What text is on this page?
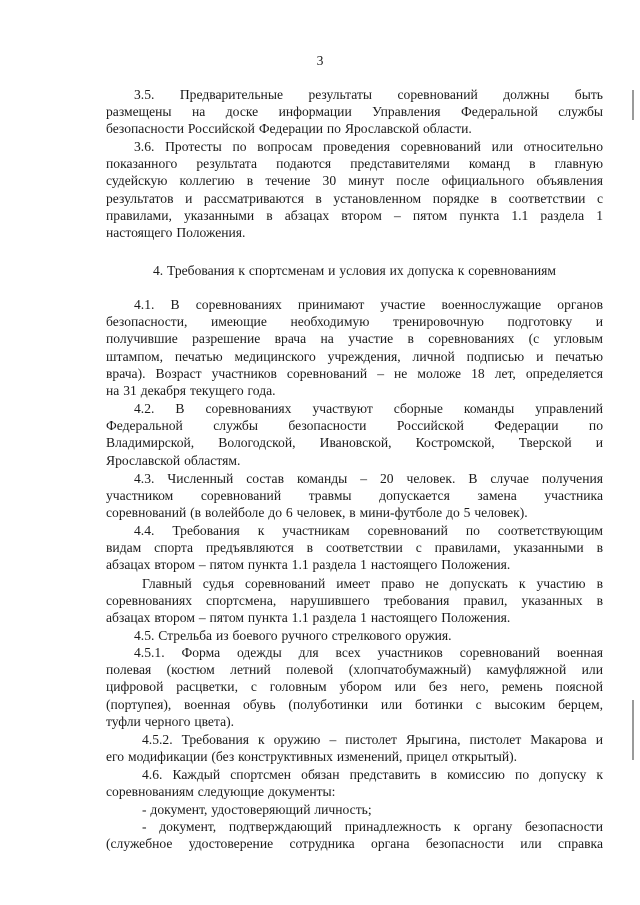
3
3.5. Предварительные результаты соревнований должны быть
размещены на доске информации Управления Федеральной службы
безопасности Российской Федерации по Ярославской области.
3.6. Протесты по вопросам проведения соревнований или относительно
показанного результата подаются представителями команд в главную
судейскую коллегию в течение 30 минут после официального объявления
результатов и рассматриваются в установленном порядке в соответствии с
правилами, указанными в абзацах втором – пятом пункта 1.1 раздела 1
настоящего Положения.
4. Требования к спортсменам и условия их допуска к соревнованиям
4.1. В соревнованиях принимают участие военнослужащие органов
безопасности, имеющие необходимую тренировочную подготовку и
получившие разрешение врача на участие в соревнованиях (с угловым
штампом, печатью медицинского учреждения, личной подписью и печатью
врача). Возраст участников соревнований – не моложе 18 лет, определяется
на 31 декабря текущего года.
4.2. В соревнованиях участвуют сборные команды управлений
Федеральной службы безопасности Российской Федерации по
Владимирской, Вологодской, Ивановской, Костромской, Тверской и
Ярославской областям.
4.3. Численный состав команды – 20 человек. В случае получения
участником соревнований травмы допускается замена участника
соревнований (в волейболе до 6 человек, в мини-футболе до 5 человек).
4.4. Требования к участникам соревнований по соответствующим
видам спорта предъявляются в соответствии с правилами, указанными в
абзацах втором – пятом пункта 1.1 раздела 1 настоящего Положения.
Главный судья соревнований имеет право не допускать к участию в
соревнованиях спортсмена, нарушившего требования правил, указанных в
абзацах втором – пятом пункта 1.1 раздела 1 настоящего Положения.
4.5. Стрельба из боевого ручного стрелкового оружия.
4.5.1. Форма одежды для всех участников соревнований военная
полевая (костюм летний полевой (хлопчатобумажный) камуфляжной или
цифровой расцветки, с головным убором или без него, ремень поясной
(портупея), военная обувь (полуботинки или ботинки с высоким берцем,
туфли черного цвета).
4.5.2. Требования к оружию – пистолет Ярыгина, пистолет Макарова и
его модификации (без конструктивных изменений, прицел открытый).
4.6. Каждый спортсмен обязан представить в комиссию по допуску к
соревнованиям следующие документы:
- документ, удостоверяющий личность;
- документ, подтверждающий принадлежность к органу безопасности
(служебное удостоверение сотрудника органа безопасности или справка
